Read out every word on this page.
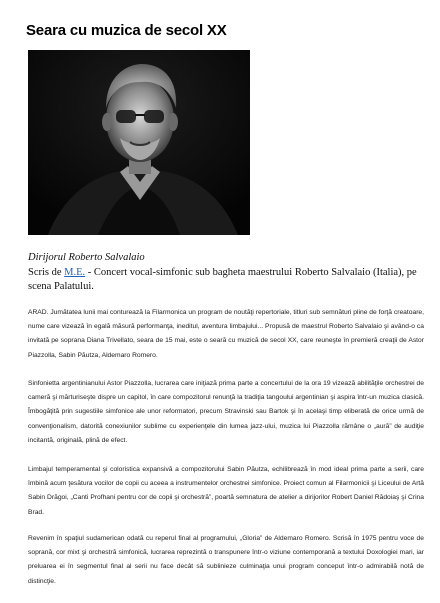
Seara cu muzica de secol XX
Dirijorul Roberto Salvalaio
Scris de M.E. - Concert vocal-simfonic sub bagheta maestrului Roberto Salvalaio (Italia), pe scena Palatului.

ARAD. Jumătatea lunii mai conturează la Filarmonica un program de noutăţi repertoriale, titluri sub semnături pline de forţă creatoare, nume care vizează în egală măsură performanţa, ineditul, aventura limbajului... Propusă de maestrul Roberto Salvalaio şi având-o ca invitată pe soprana Diana Trivellato, seara de 15 mai, este o seară cu muzică de secol XX, care reuneşte în premieră creaţii de Astor Piazzolla, Sabin Păutza, Aldemaro Romero.

Sinfonietta argentinianului Astor Piazzolla, lucrarea care iniţiază prima parte a concertului de la ora 19 vizează abilităţile orchestrei de cameră şi mărturiseşte dispre un capitol, în care compozitorul renunţă la tradiţia tangoului argentinian şi aspira într-un muzica clasică. Îmbogăţită prin sugestiile simfonice ale unor reformatori, precum Stravinski sau Bartok şi în acelaşi timp eliberată de orice urmă de convenţionalism, datorită conexiunilor sublime cu experienţele din lumea jazz-ului, muzica lui Piazzolla rămâne o „aură” de audiţie incitantă, originală, plină de efect.

Limbajul temperamental şi coloristica expansivă a compozitorului Sabin Păutza, echilibrează în mod ideal prima parte a serii, care îmbină acum ţesătura vocilor de copii cu aceea a instrumentelor orchestrei simfonice. Proiect comun al Filarmonicii şi Liceului de Artă Sabin Drăgoi, „Canti Profhani pentru cor de copii şi orchestră”, poartă semnatura de atelier a dirijorilor Robert Daniel Rădoiaş şi Crina Brad.

Revenim în spaţiul sudamerican odată cu reperul final al programului, „Gloria” de Aldemaro Romero. Scrisă în 1975 pentru voce de soprană, cor mixt şi orchestră simfonică, lucrarea reprezintă o transpunere într-o viziune contemporană a textului Doxologiei mari, iar preluarea ei în segmentul final al serii nu face decât să sublinieze culminaţia unui program conceput într-o admirabilă notă de distincţie.
